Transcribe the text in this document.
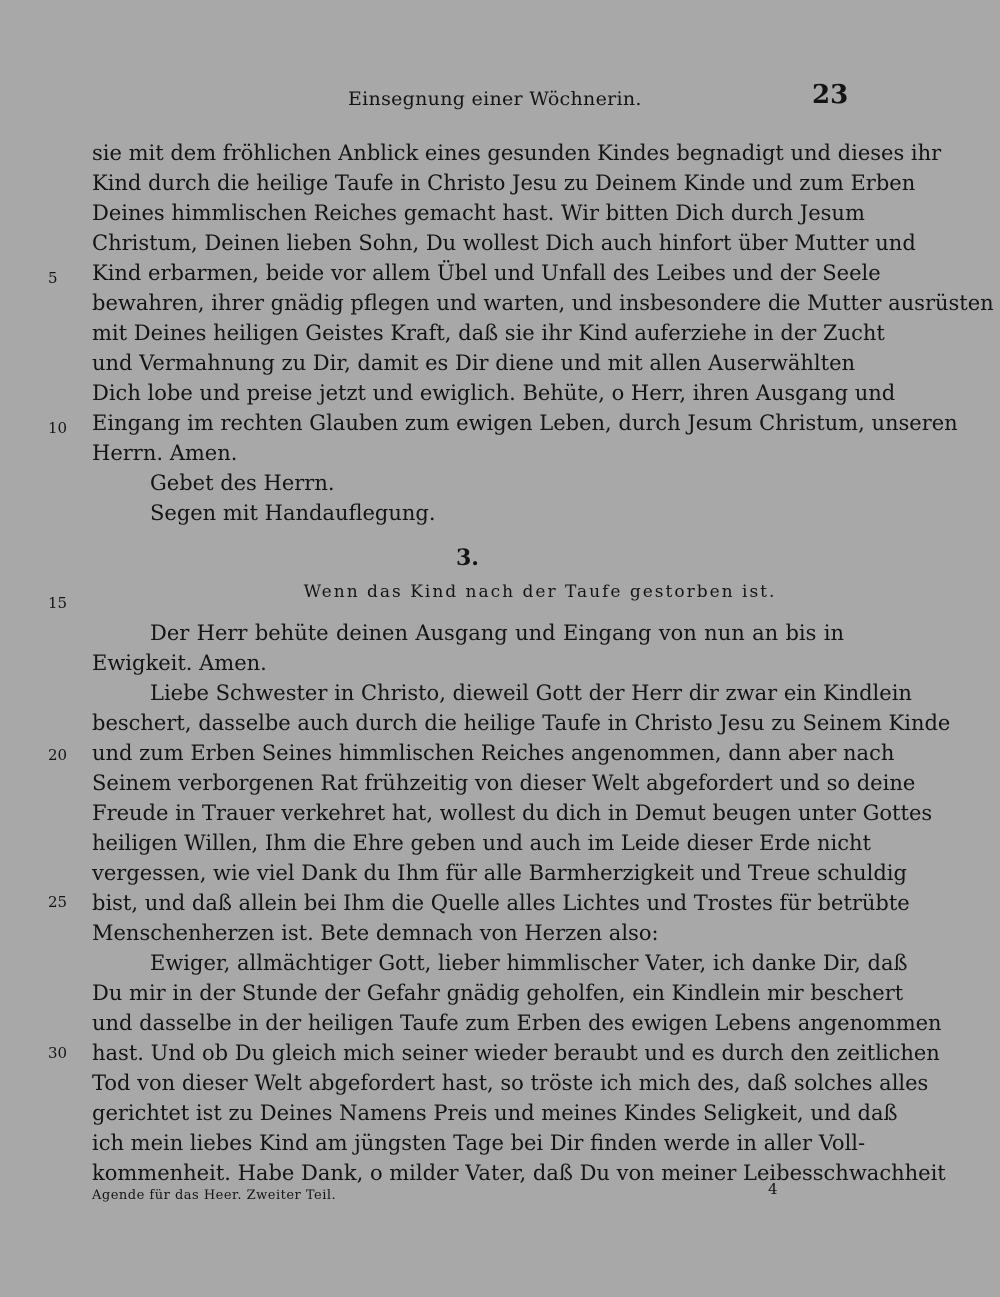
Einsegnung einer Wöchnerin.	23
sie mit dem fröhlichen Anblick eines gesunden Kindes begnadigt und dieses ihr
Kind durch die heilige Taufe in Christo Jesu zu Deinem Kinde und zum Erben
Deines himmlischen Reiches gemacht hast. Wir bitten Dich durch Jesum
Christum, Deinen lieben Sohn, Du wollest Dich auch hinfort über Mutter und
Kind erbarmen, beide vor allem Übel und Unfall des Leibes und der Seele
bewahren, ihrer gnädig pflegen und warten, und insbesondere die Mutter ausrüsten
mit Deines heiligen Geistes Kraft, daß sie ihr Kind auferziehe in der Zucht
und Vermahnung zu Dir, damit es Dir diene und mit allen Auserwählten
Dich lobe und preise jetzt und ewiglich. Behüte, o Herr, ihren Ausgang und
Eingang im rechten Glauben zum ewigen Leben, durch Jesum Christum, unseren
Herrn. Amen.
Gebet des Herrn.
Segen mit Handauflegung.
3.
Wenn das Kind nach der Taufe gestorben ist.
Der Herr behüte deinen Ausgang und Eingang von nun an bis in
Ewigkeit. Amen.
Liebe Schwester in Christo, dieweil Gott der Herr dir zwar ein Kindlein
beschert, dasselbe auch durch die heilige Taufe in Christo Jesu zu Seinem Kinde
und zum Erben Seines himmlischen Reiches angenommen, dann aber nach
Seinem verborgenen Rat frühzeitig von dieser Welt abgefordert und so deine
Freude in Trauer verkehret hat, wollest du dich in Demut beugen unter Gottes
heiligen Willen, Ihm die Ehre geben und auch im Leide dieser Erde nicht
vergessen, wie viel Dank du Ihm für alle Barmherzigkeit und Treue schuldig
bist, und daß allein bei Ihm die Quelle alles Lichtes und Trostes für betrübte
Menschenherzen ist. Bete demnach von Herzen also:
Ewiger, allmächtiger Gott, lieber himmlischer Vater, ich danke Dir, daß
Du mir in der Stunde der Gefahr gnädig geholfen, ein Kindlein mir beschert
und dasselbe in der heiligen Taufe zum Erben des ewigen Lebens angenommen
hast. Und ob Du gleich mich seiner wieder beraubt und es durch den zeitlichen
Tod von dieser Welt abgefordert hast, so tröste ich mich des, daß solches alles
gerichtet ist zu Deines Namens Preis und meines Kindes Seligkeit, und daß
ich mein liebes Kind am jüngsten Tage bei Dir finden werde in aller Voll-
kommenheit. Habe Dank, o milder Vater, daß Du von meiner Leibesschwachheit
5
10
15
20
25
30
Agende für das Heer. Zweiter Teil.	4
